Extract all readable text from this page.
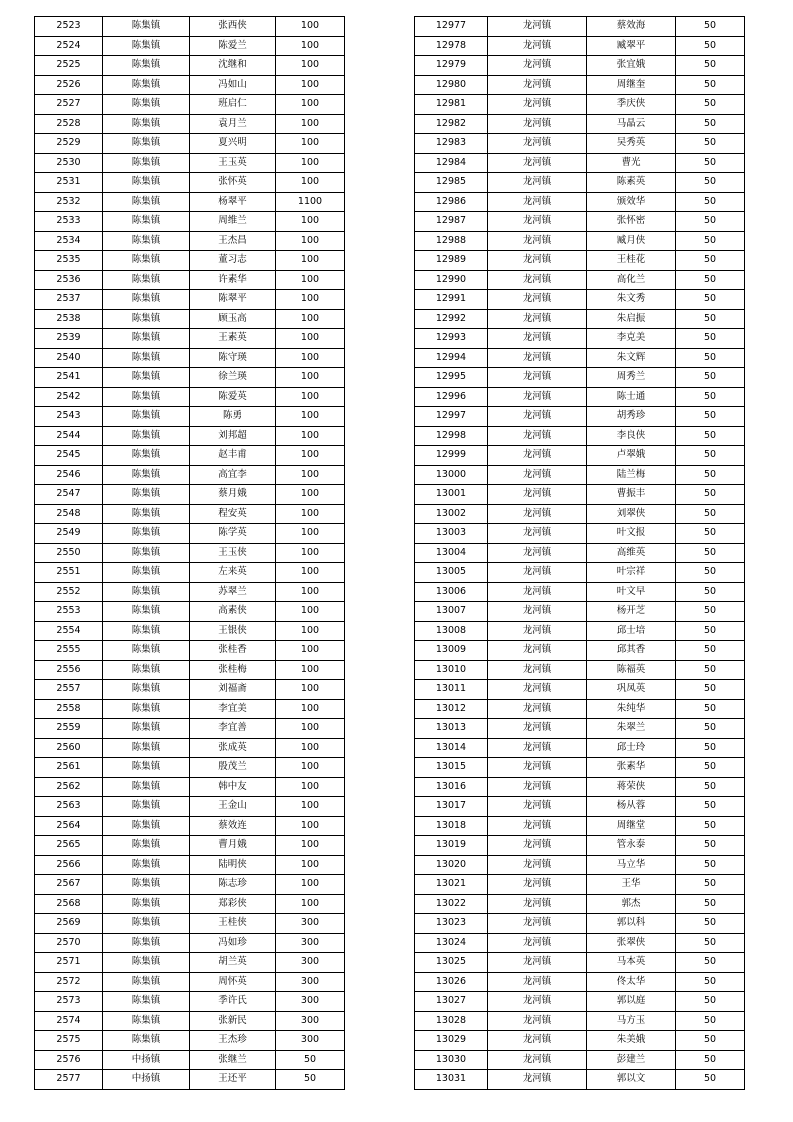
2523	陈集镇	张西侠	100
2524	陈集镇	陈爱兰	100
2525	陈集镇	沈继和	100
2526	陈集镇	冯如山	100
2527	陈集镇	班启仁	100
2528	陈集镇	袁月兰	100
2529	陈集镇	夏兴明	100
2530	陈集镇	王玉英	100
2531	陈集镇	张怀英	100
2532	陈集镇	杨翠平	1100
2533	陈集镇	周维兰	100
2534	陈集镇	王杰昌	100
2535	陈集镇	董习志	100
2536	陈集镇	许素华	100
2537	陈集镇	陈翠平	100
2538	陈集镇	顾玉高	100
2539	陈集镇	王素英	100
2540	陈集镇	陈守瑛	100
2541	陈集镇	徐兰瑛	100
2542	陈集镇	陈爱英	100
2543	陈集镇	陈勇	100
2544	陈集镇	刘邦超	100
2545	陈集镇	赵丰甫	100
2546	陈集镇	高宜李	100
2547	陈集镇	蔡月娥	100
2548	陈集镇	程安英	100
2549	陈集镇	陈学英	100
2550	陈集镇	王玉侠	100
2551	陈集镇	左来英	100
2552	陈集镇	苏翠兰	100
2553	陈集镇	高素侠	100
2554	陈集镇	王银侠	100
2555	陈集镇	张桂香	100
2556	陈集镇	张桂梅	100
2557	陈集镇	刘福斋	100
2558	陈集镇	李宜美	100
2559	陈集镇	李宜善	100
2560	陈集镇	张成英	100
2561	陈集镇	殷茂兰	100
2562	陈集镇	韩中友	100
2563	陈集镇	王金山	100
2564	陈集镇	蔡效连	100
2565	陈集镇	曹月娥	100
2566	陈集镇	陆明侠	100
2567	陈集镇	陈志珍	100
2568	陈集镇	郑彩侠	100
2569	陈集镇	王桂侠	300
2570	陈集镇	冯如珍	300
2571	陈集镇	胡兰英	300
2572	陈集镇	周怀英	300
2573	陈集镇	季许氏	300
2574	陈集镇	张新民	300
2575	陈集镇	王杰珍	300
2576	中扬镇	张继兰	50
2577	中扬镇	王还平	50
12977	龙河镇	蔡效海	50
12978	龙河镇	臧翠平	50
12979	龙河镇	张宜娥	50
12980	龙河镇	周继奎	50
12981	龙河镇	季庆侠	50
12982	龙河镇	马晶云	50
12983	龙河镇	吴秀英	50
12984	龙河镇	曹光	50
12985	龙河镇	陈素英	50
12986	龙河镇	颁效华	50
12987	龙河镇	张怀密	50
12988	龙河镇	臧月侠	50
12989	龙河镇	王桂花	50
12990	龙河镇	高化兰	50
12991	龙河镇	朱文秀	50
12992	龙河镇	朱启振	50
12993	龙河镇	李克美	50
12994	龙河镇	朱文辉	50
12995	龙河镇	周秀兰	50
12996	龙河镇	陈士通	50
12997	龙河镇	胡秀珍	50
12998	龙河镇	李良侠	50
12999	龙河镇	卢翠娥	50
13000	龙河镇	陆兰梅	50
13001	龙河镇	曹振丰	50
13002	龙河镇	刘翠侠	50
13003	龙河镇	叶文报	50
13004	龙河镇	高维英	50
13005	龙河镇	叶宗祥	50
13006	龙河镇	叶文早	50
13007	龙河镇	杨开芝	50
13008	龙河镇	邱士培	50
13009	龙河镇	邱其香	50
13010	龙河镇	陈福英	50
13011	龙河镇	巩凤英	50
13012	龙河镇	朱纯华	50
13013	龙河镇	朱翠兰	50
13014	龙河镇	邱士玲	50
13015	龙河镇	张素华	50
13016	龙河镇	蒋荣侠	50
13017	龙河镇	杨从蓉	50
13018	龙河镇	周继堂	50
13019	龙河镇	管永泰	50
13020	龙河镇	马立华	50
13021	龙河镇	王华	50
13022	龙河镇	郭杰	50
13023	龙河镇	郭以科	50
13024	龙河镇	张翠侠	50
13025	龙河镇	马本英	50
13026	龙河镇	佟太华	50
13027	龙河镇	郭以庭	50
13028	龙河镇	马方玉	50
13029	龙河镇	朱美娥	50
13030	龙河镇	彭建兰	50
13031	龙河镇	郭以文	50
